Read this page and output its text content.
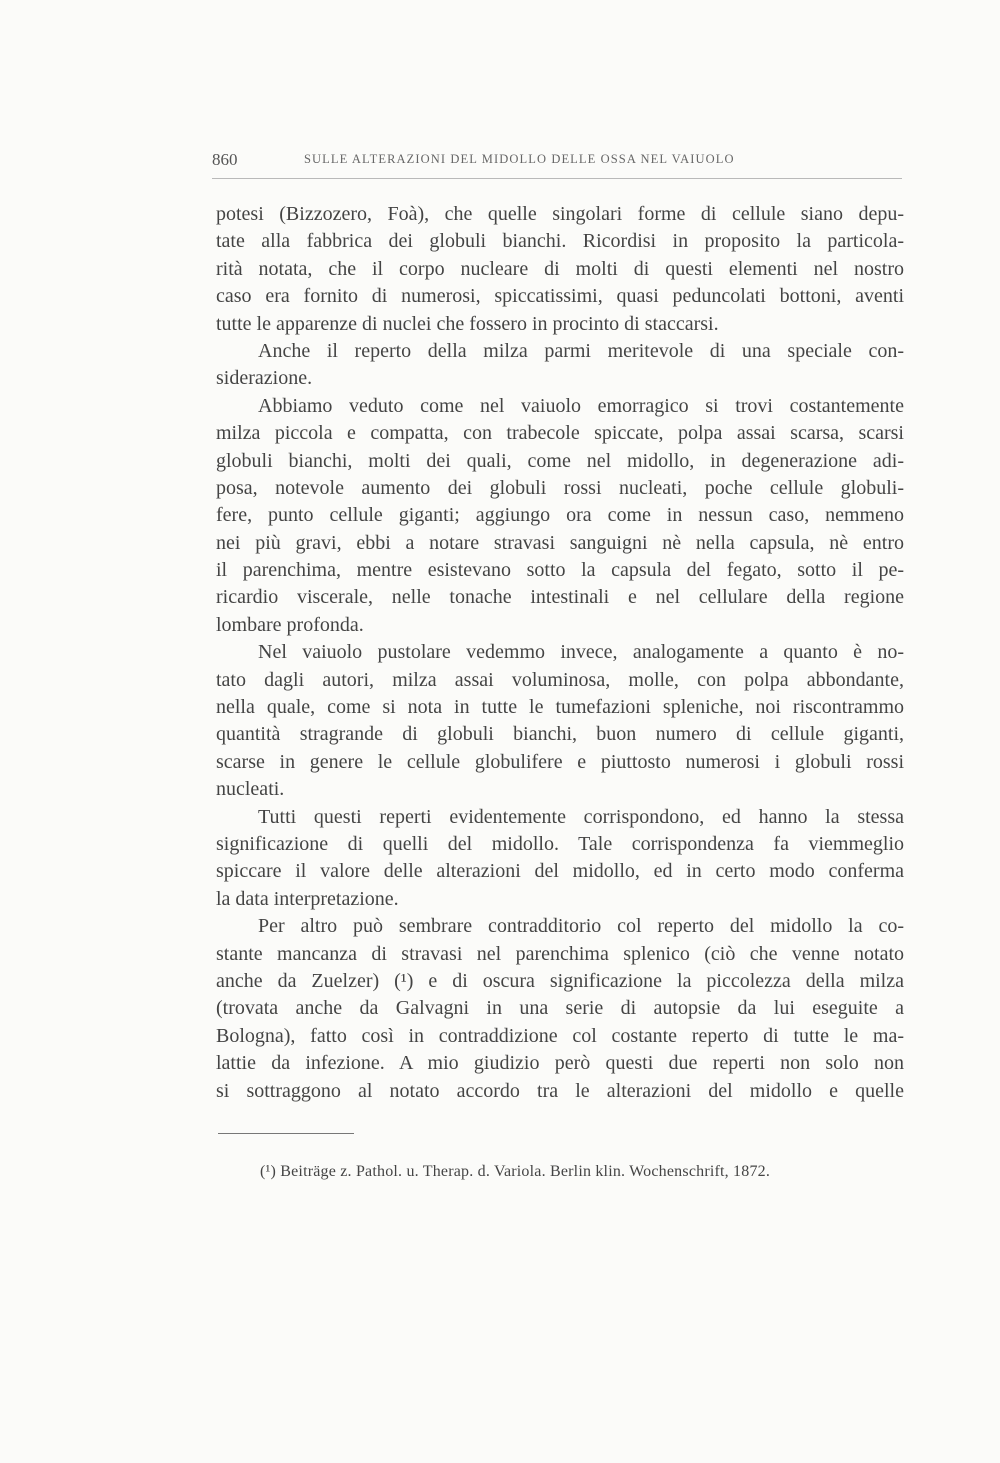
860	SULLE ALTERAZIONI DEL MIDOLLO DELLE OSSA NEL VAIUOLO
potesi (Bizzozero, Foà), che quelle singolari forme di cellule siano depu-
tate alla fabbrica dei globuli bianchi. Ricordisi in proposito la particola-
rità notata, che il corpo nucleare di molti di questi elementi nel nostro
caso era fornito di numerosi, spiccatissimi, quasi peduncolati bottoni, aventi
tutte le apparenze di nuclei che fossero in procinto di staccarsi.
Anche il reperto della milza parmi meritevole di una speciale con-
siderazione.
Abbiamo veduto come nel vaiuolo emorragico si trovi costantemente
milza piccola e compatta, con trabecole spiccate, polpa assai scarsa, scarsi
globuli bianchi, molti dei quali, come nel midollo, in degenerazione adi-
posa, notevole aumento dei globuli rossi nucleati, poche cellule globuli-
fere, punto cellule giganti; aggiungo ora come in nessun caso, nemmeno
nei più gravi, ebbi a notare stravasi sanguigni nè nella capsula, nè entro
il parenchima, mentre esistevano sotto la capsula del fegato, sotto il pe-
ricardio viscerale, nelle tonache intestinali e nel cellulare della regione
lombare profonda.
Nel vaiuolo pustolare vedemmo invece, analogamente a quanto è no-
tato dagli autori, milza assai voluminosa, molle, con polpa abbondante,
nella quale, come si nota in tutte le tumefazioni spleniche, noi riscontrammo
quantità stragrande di globuli bianchi, buon numero di cellule giganti,
scarse in genere le cellule globulifere e piuttosto numerosi i globuli rossi
nucleati.
Tutti questi reperti evidentemente corrispondono, ed hanno la stessa
significazione di quelli del midollo. Tale corrispondenza fa viemmeglio
spiccare il valore delle alterazioni del midollo, ed in certo modo conferma
la data interpretazione.
Per altro può sembrare contradditorio col reperto del midollo la co-
stante mancanza di stravasi nel parenchima splenico (ciò che venne notato
anche da Zuelzer) (¹) e di oscura significazione la piccolezza della milza
(trovata anche da Galvagni in una serie di autopsie da lui eseguite a
Bologna), fatto così in contraddizione col costante reperto di tutte le ma-
lattie da infezione. A mio giudizio però questi due reperti non solo non
si sottraggono al notato accordo tra le alterazioni del midollo e quelle
(¹) Beiträge z. Pathol. u. Therap. d. Variola. Berlin klin. Wochenschrift, 1872.
